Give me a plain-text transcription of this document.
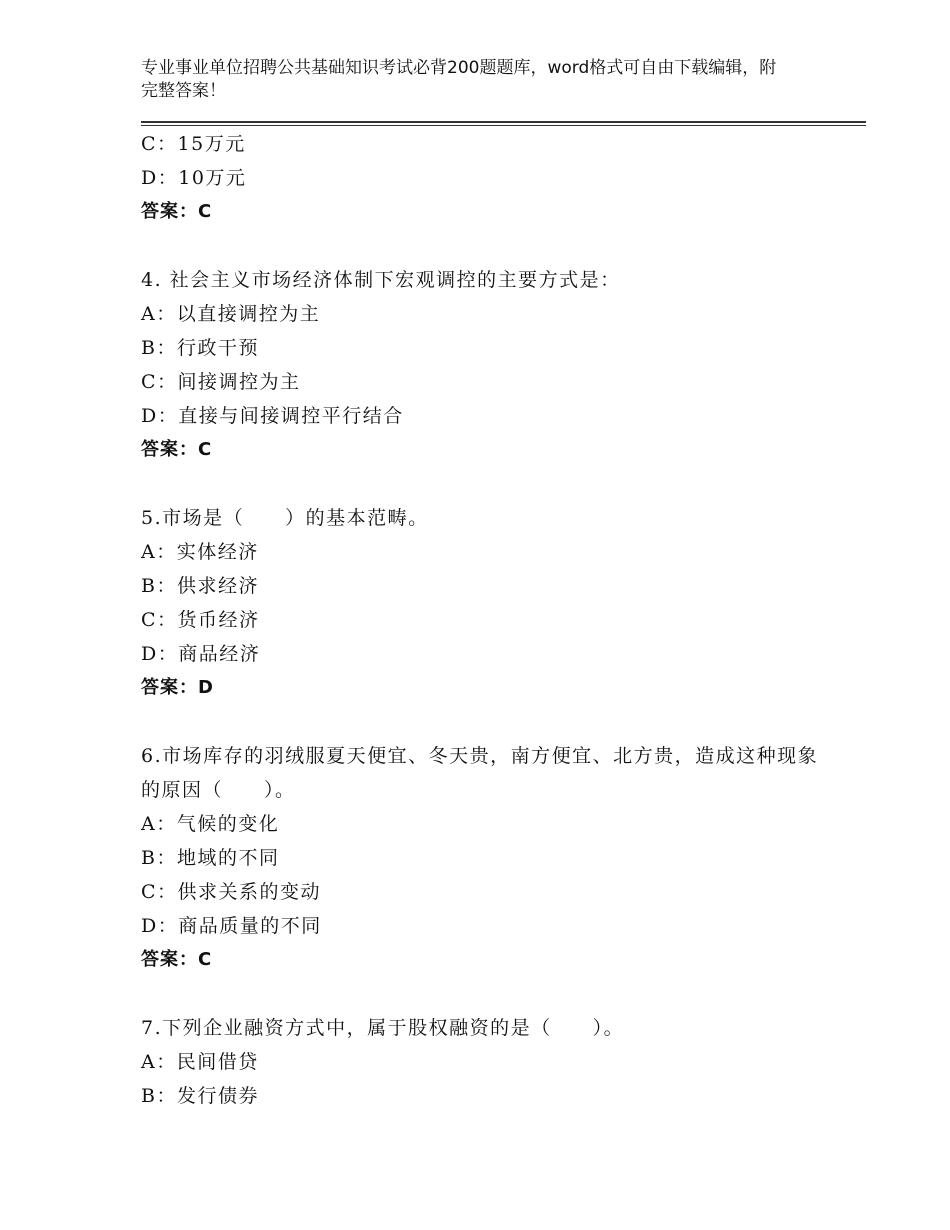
专业事业单位招聘公共基础知识考试必背200题题库，word格式可自由下载编辑，附完整答案！
C：15万元
D：10万元
答案：C
4. 社会主义市场经济体制下宏观调控的主要方式是：
A：以直接调控为主
B：行政干预
C：间接调控为主
D：直接与间接调控平行结合
答案：C
5.市场是（　　）的基本范畴。
A：实体经济
B：供求经济
C：货币经济
D：商品经济
答案：D
6.市场库存的羽绒服夏天便宜、冬天贵，南方便宜、北方贵，造成这种现象的原因（　　）。
A：气候的变化
B：地域的不同
C：供求关系的变动
D：商品质量的不同
答案：C
7.下列企业融资方式中，属于股权融资的是（　　）。
A：民间借贷
B：发行债券
